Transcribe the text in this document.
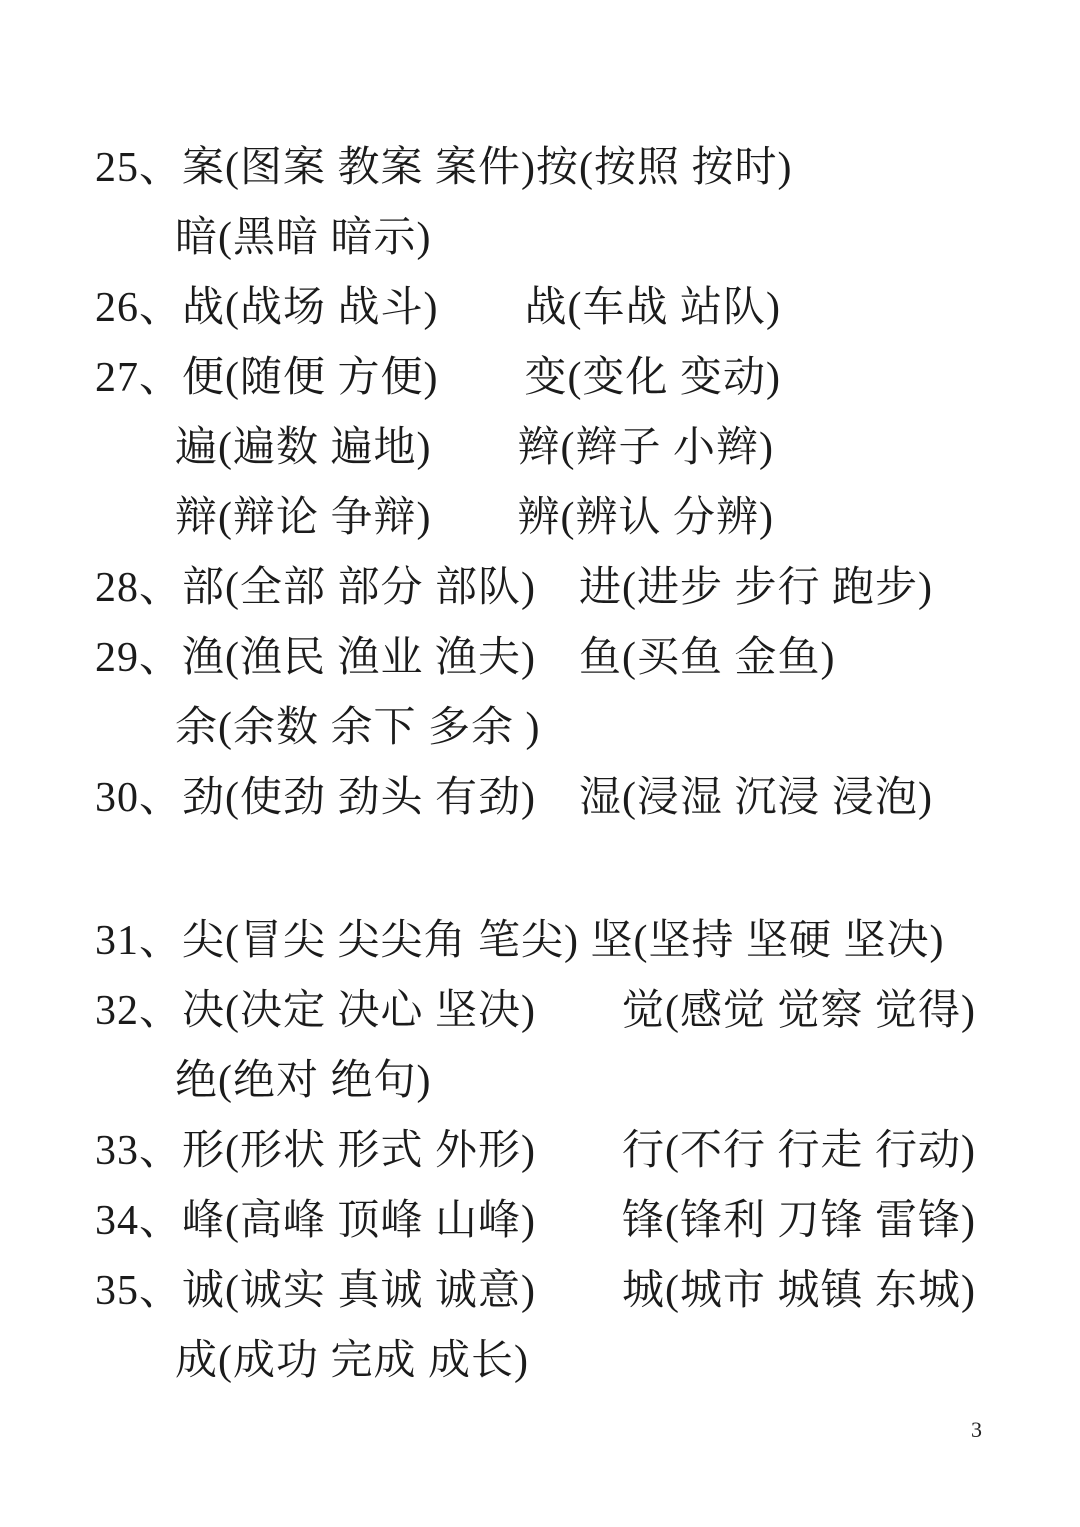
25、 案(图案 教案 案件)按(按照 按时)
暗(黑暗 暗示)
26、 战(战场 战斗)　　战(车战 站队)
27、 便(随便 方便)　　变(变化 变动)
遍(遍数 遍地)　　辫(辫子 小辫)
辩(辩论 争辩)　　辨(辨认 分辨)
28、 部(全部 部分 部队)　进(进步 步行 跑步)
29、 渔(渔民 渔业 渔夫)　鱼(买鱼 金鱼)
余(余数 余下 多余 )
30、 劲(使劲 劲头 有劲)　湿(浸湿 沉浸 浸泡)
31、 尖(冒尖 尖尖角 笔尖) 坚(坚持 坚硬 坚决)
32、 决(决定 决心 坚决)　　觉(感觉 觉察 觉得)
绝(绝对 绝句)
33、 形(形状 形式 外形)　　行(不行 行走 行动)
34、 峰(高峰 顶峰 山峰)　　锋(锋利 刀锋 雷锋)
35、 诚(诚实 真诚 诚意)　　城(城市 城镇 东城)
成(成功 完成 成长)
3
